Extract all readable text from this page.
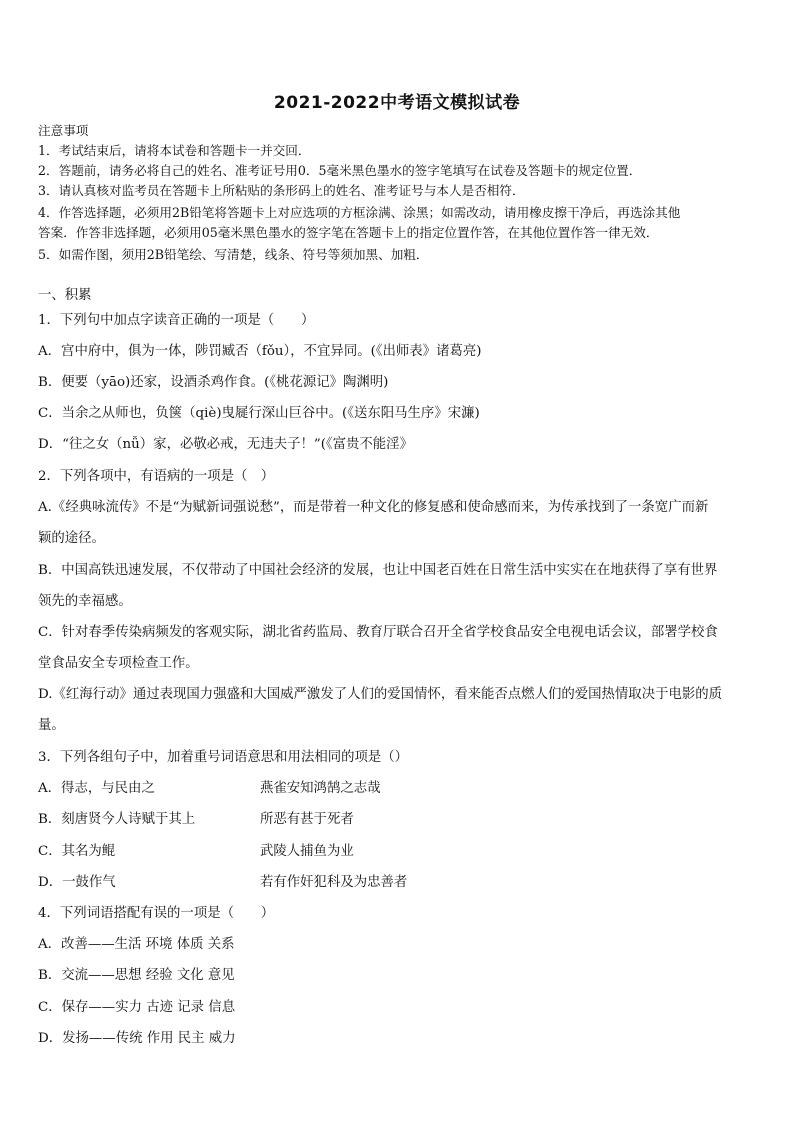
2021-2022中考语文模拟试卷
注意事项
1．考试结束后，请将本试卷和答题卡一并交回．
2．答题前，请务必将自己的姓名、准考证号用0．5毫米黑色墨水的签字笔填写在试卷及答题卡的规定位置．
3．请认真核对监考员在答题卡上所粘贴的条形码上的姓名、准考证号与本人是否相符．
4．作答选择题，必须用2B铅笔将答题卡上对应选项的方框涂满、涂黑；如需改动，请用橡皮擦干净后，再选涂其他
答案．作答非选择题，必须用05毫米黑色墨水的签字笔在答题卡上的指定位置作答，在其他位置作答一律无效．
5．如需作图，须用2B铅笔绘、写清楚，线条、符号等须加黑、加粗．
一、积累
1．下列句中加点字读音正确的一项是（　　）
A．宫中府中，俱为一体，陟罚臧否（fǒu），不宜异同。(《出师表》诸葛亮)
B．便要（yāo)还家，设酒杀鸡作食。(《桃花源记》陶渊明)
C．当余之从师也，负箧（qiè)曳屣行深山巨谷中。(《送东阳马生序》宋濂)
D．“往之女（nǚ）家，必敬必戒，无违夫子！”(《富贵不能淫》
2．下列各项中，有语病的一项是（　）
A.《经典咏流传》不是“为赋新词强说愁”，而是带着一种文化的修复感和使命感而来，为传承找到了一条宽广而新
颖的途径。
B．中国高铁迅速发展，不仅带动了中国社会经济的发展，也让中国老百姓在日常生活中实实在在地获得了享有世界
领先的幸福感。
C．针对春季传染病频发的客观实际，湖北省药监局、教育厅联合召开全省学校食品安全电视电话会议，部署学校食
堂食品安全专项检查工作。
D.《红海行动》通过表现国力强盛和大国威严激发了人们的爱国情怀，看来能否点燃人们的爱国热情取决于电影的质
量。
3．下列各组句子中，加着重号词语意思和用法相同的项是（）
A．得志，与民由之	燕雀安知鸿鹄之志哉
B．刻唐贤今人诗赋于其上	所恶有甚于死者
C．其名为鲲	武陵人捕鱼为业
D．一鼓作气	若有作奸犯科及为忠善者
4．下列词语搭配有误的一项是（　　）
A．改善——生活 环境 体质 关系
B．交流——思想 经验 文化 意见
C．保存——实力 古迹 记录 信息
D．发扬——传统 作用 民主 威力
